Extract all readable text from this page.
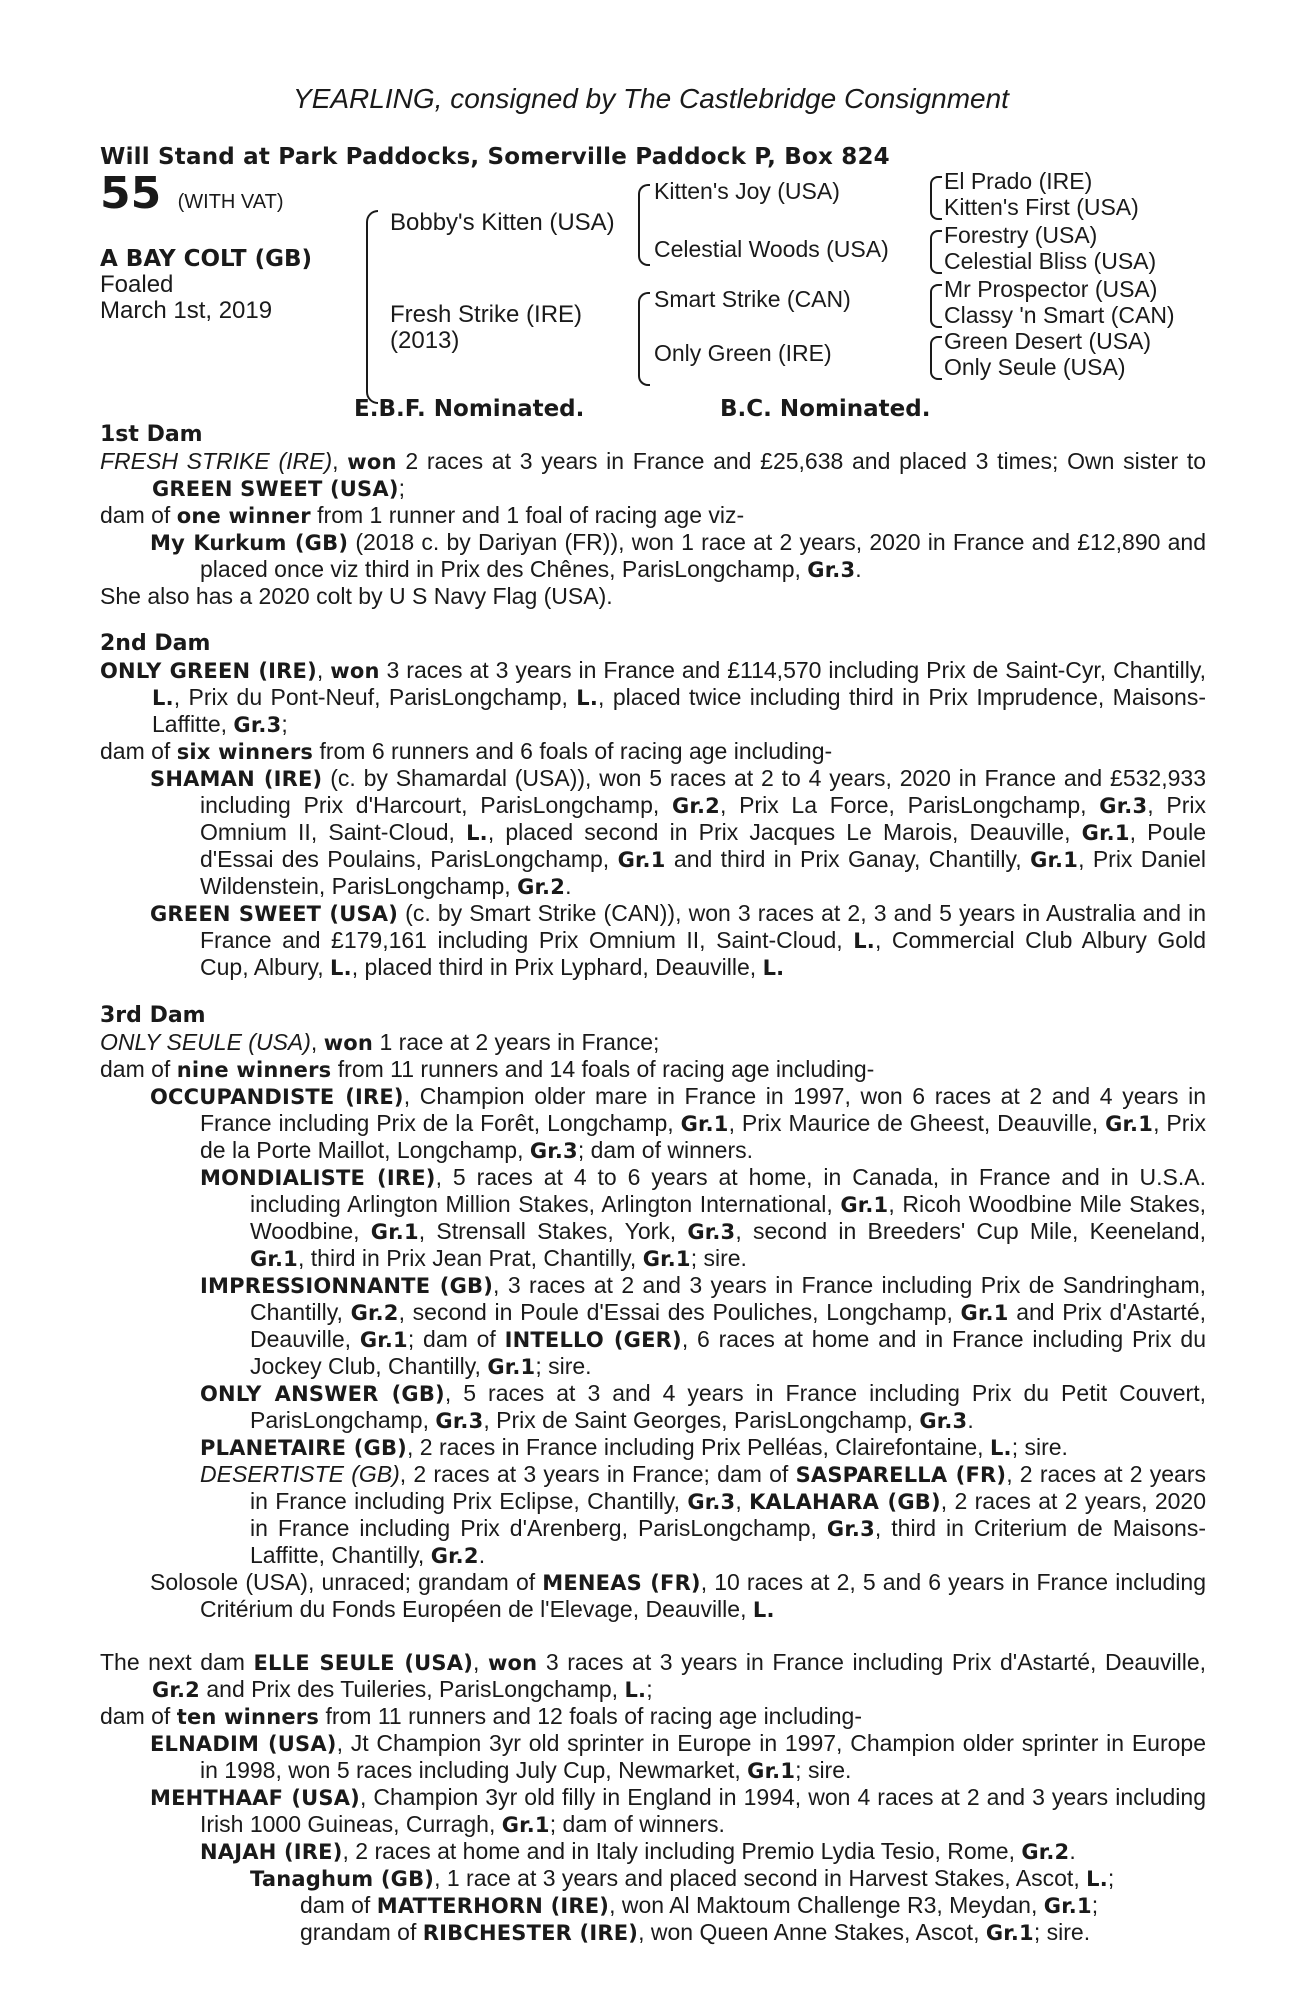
YEARLING, consigned by The Castlebridge Consignment
Will Stand at Park Paddocks, Somerville Paddock P, Box 824
55 (WITH VAT)
A BAY COLT (GB)
Foaled
March 1st, 2019
Bobby's Kitten (USA)
Fresh Strike (IRE)
(2013)
Kitten's Joy (USA)
Celestial Woods (USA)
Smart Strike (CAN)
Only Green (IRE)
El Prado (IRE)
Kitten's First (USA)
Forestry (USA)
Celestial Bliss (USA)
Mr Prospector (USA)
Classy 'n Smart (CAN)
Green Desert (USA)
Only Seule (USA)
E.B.F. Nominated.	B.C. Nominated.
1st Dam
FRESH STRIKE (IRE), won 2 races at 3 years in France and £25,638 and placed 3 times; Own sister to GREEN SWEET (USA);
dam of one winner from 1 runner and 1 foal of racing age viz-
My Kurkum (GB) (2018 c. by Dariyan (FR)), won 1 race at 2 years, 2020 in France and £12,890 and placed once viz third in Prix des Chênes, ParisLongchamp, Gr.3.
She also has a 2020 colt by U S Navy Flag (USA).
2nd Dam
ONLY GREEN (IRE), won 3 races at 3 years in France and £114,570 including Prix de Saint-Cyr, Chantilly, L., Prix du Pont-Neuf, ParisLongchamp, L., placed twice including third in Prix Imprudence, Maisons-Laffitte, Gr.3;
dam of six winners from 6 runners and 6 foals of racing age including-
SHAMAN (IRE) (c. by Shamardal (USA)), won 5 races at 2 to 4 years, 2020 in France and £532,933 including Prix d'Harcourt, ParisLongchamp, Gr.2, Prix La Force, ParisLongchamp, Gr.3, Prix Omnium II, Saint-Cloud, L., placed second in Prix Jacques Le Marois, Deauville, Gr.1, Poule d'Essai des Poulains, ParisLongchamp, Gr.1 and third in Prix Ganay, Chantilly, Gr.1, Prix Daniel Wildenstein, ParisLongchamp, Gr.2.
GREEN SWEET (USA) (c. by Smart Strike (CAN)), won 3 races at 2, 3 and 5 years in Australia and in France and £179,161 including Prix Omnium II, Saint-Cloud, L., Commercial Club Albury Gold Cup, Albury, L., placed third in Prix Lyphard, Deauville, L.
3rd Dam
ONLY SEULE (USA), won 1 race at 2 years in France;
dam of nine winners from 11 runners and 14 foals of racing age including-
OCCUPANDISTE (IRE), Champion older mare in France in 1997, won 6 races at 2 and 4 years in France including Prix de la Forêt, Longchamp, Gr.1, Prix Maurice de Gheest, Deauville, Gr.1, Prix de la Porte Maillot, Longchamp, Gr.3; dam of winners.
MONDIALISTE (IRE), 5 races at 4 to 6 years at home, in Canada, in France and in U.S.A. including Arlington Million Stakes, Arlington International, Gr.1, Ricoh Woodbine Mile Stakes, Woodbine, Gr.1, Strensall Stakes, York, Gr.3, second in Breeders' Cup Mile, Keeneland, Gr.1, third in Prix Jean Prat, Chantilly, Gr.1; sire.
IMPRESSIONNANTE (GB), 3 races at 2 and 3 years in France including Prix de Sandringham, Chantilly, Gr.2, second in Poule d'Essai des Pouliches, Longchamp, Gr.1 and Prix d'Astarté, Deauville, Gr.1; dam of INTELLO (GER), 6 races at home and in France including Prix du Jockey Club, Chantilly, Gr.1; sire.
ONLY ANSWER (GB), 5 races at 3 and 4 years in France including Prix du Petit Couvert, ParisLongchamp, Gr.3, Prix de Saint Georges, ParisLongchamp, Gr.3.
PLANETAIRE (GB), 2 races in France including Prix Pelléas, Clairefontaine, L.; sire.
DESERTISTE (GB), 2 races at 3 years in France; dam of SASPARELLA (FR), 2 races at 2 years in France including Prix Eclipse, Chantilly, Gr.3, KALAHARA (GB), 2 races at 2 years, 2020 in France including Prix d'Arenberg, ParisLongchamp, Gr.3, third in Criterium de Maisons-Laffitte, Chantilly, Gr.2.
Solosole (USA), unraced; grandam of MENEAS (FR), 10 races at 2, 5 and 6 years in France including Critérium du Fonds Européen de l'Elevage, Deauville, L.
The next dam ELLE SEULE (USA), won 3 races at 3 years in France including Prix d'Astarté, Deauville, Gr.2 and Prix des Tuileries, ParisLongchamp, L.;
dam of ten winners from 11 runners and 12 foals of racing age including-
ELNADIM (USA), Jt Champion 3yr old sprinter in Europe in 1997, Champion older sprinter in Europe in 1998, won 5 races including July Cup, Newmarket, Gr.1; sire.
MEHTHAAF (USA), Champion 3yr old filly in England in 1994, won 4 races at 2 and 3 years including Irish 1000 Guineas, Curragh, Gr.1; dam of winners.
NAJAH (IRE), 2 races at home and in Italy including Premio Lydia Tesio, Rome, Gr.2.
Tanaghum (GB), 1 race at 3 years and placed second in Harvest Stakes, Ascot, L.;
dam of MATTERHORN (IRE), won Al Maktoum Challenge R3, Meydan, Gr.1;
grandam of RIBCHESTER (IRE), won Queen Anne Stakes, Ascot, Gr.1; sire.
